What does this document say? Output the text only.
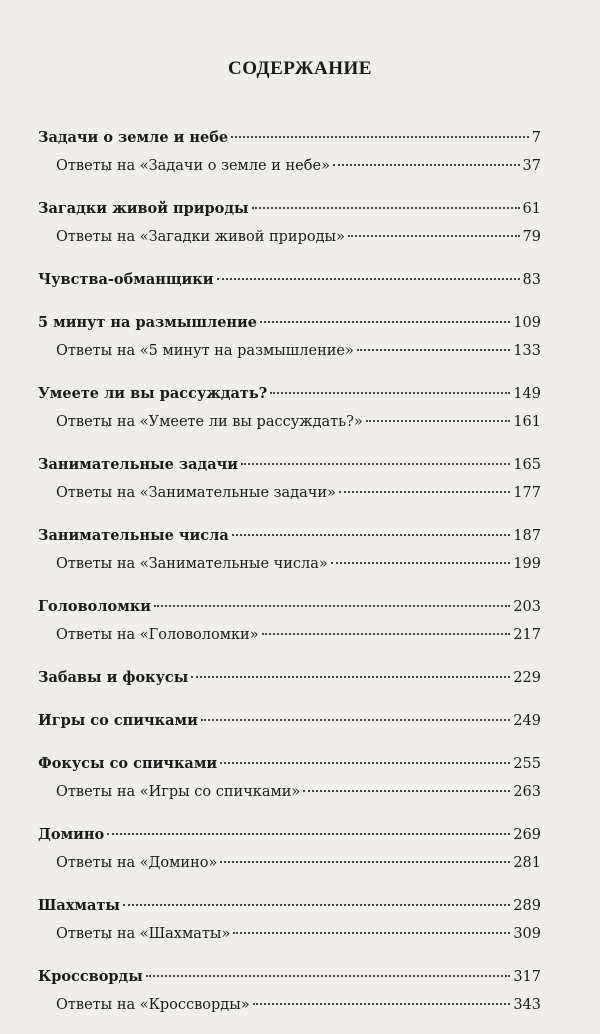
СОДЕРЖАНИЕ
Задачи о земле и небе	7
Ответы на «Задачи о земле и небе»	37
Загадки живой природы	61
Ответы на «Загадки живой природы»	79
Чувства-обманщики	83
5 минут на размышление	109
Ответы на «5 минут на размышление»	133
Умеете ли вы рассуждать?	149
Ответы на «Умеете ли вы рассуждать?»	161
Занимательные задачи	165
Ответы на «Занимательные задачи»	177
Занимательные числа	187
Ответы на «Занимательные числа»	199
Головоломки	203
Ответы на «Головоломки»	217
Забавы и фокусы	229
Игры со спичками	249
Фокусы со спичками	255
Ответы на «Игры со спичками»	263
Домино	269
Ответы на «Домино»	281
Шахматы	289
Ответы на «Шахматы»	309
Кроссворды	317
Ответы на «Кроссворды»	343
